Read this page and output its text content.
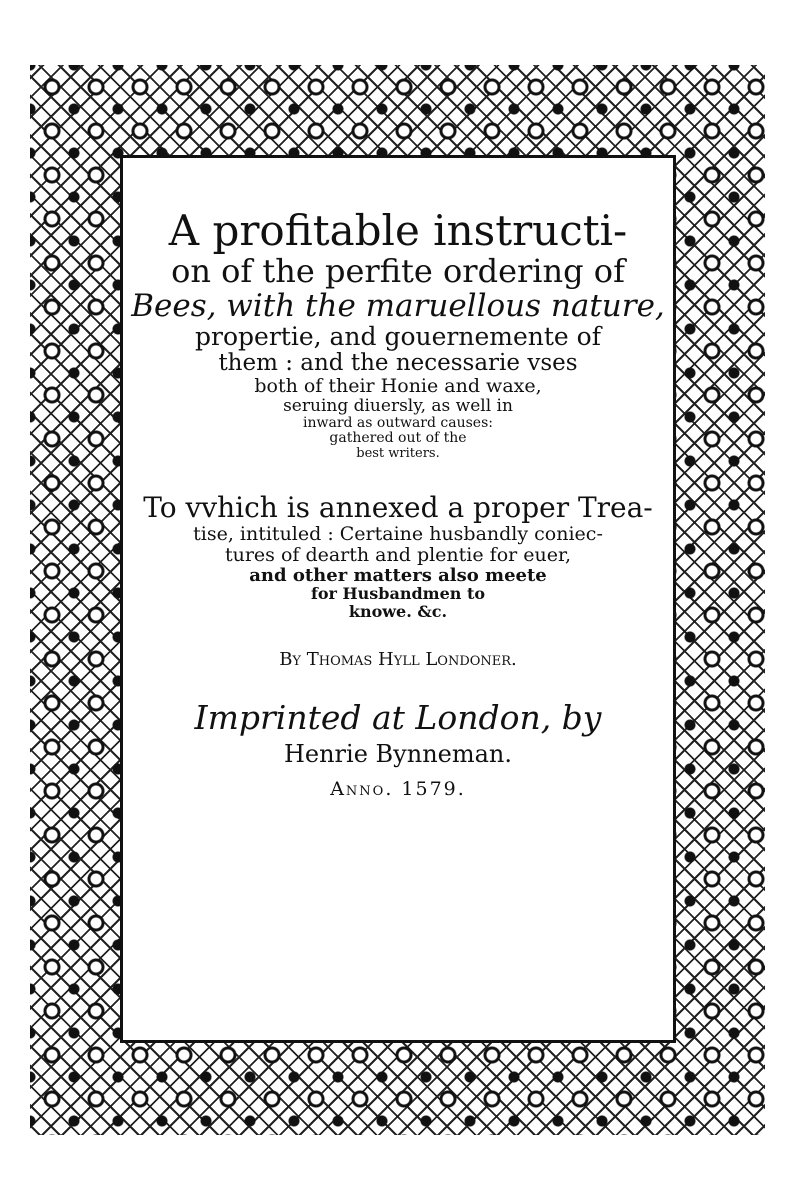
A profitable instructi-
on of the perfite ordering of
Bees, with the maruellous nature,
propertie, and gouernemente of
them : and the necessarie vses
both of their Honie and waxe,
seruing diuersly, as well in
inward as outward causes:
gathered out of the
best writers.
To vvhich is annexed a proper Trea-
tise, intituled : Certaine husbandly coniec-
tures of dearth and plentie for euer,
and other matters also meete
for Husbandmen to
knowe. &c.
By Thomas Hyll Londoner.
Imprinted at London, by
Henrie Bynneman.
Anno. 1579.
